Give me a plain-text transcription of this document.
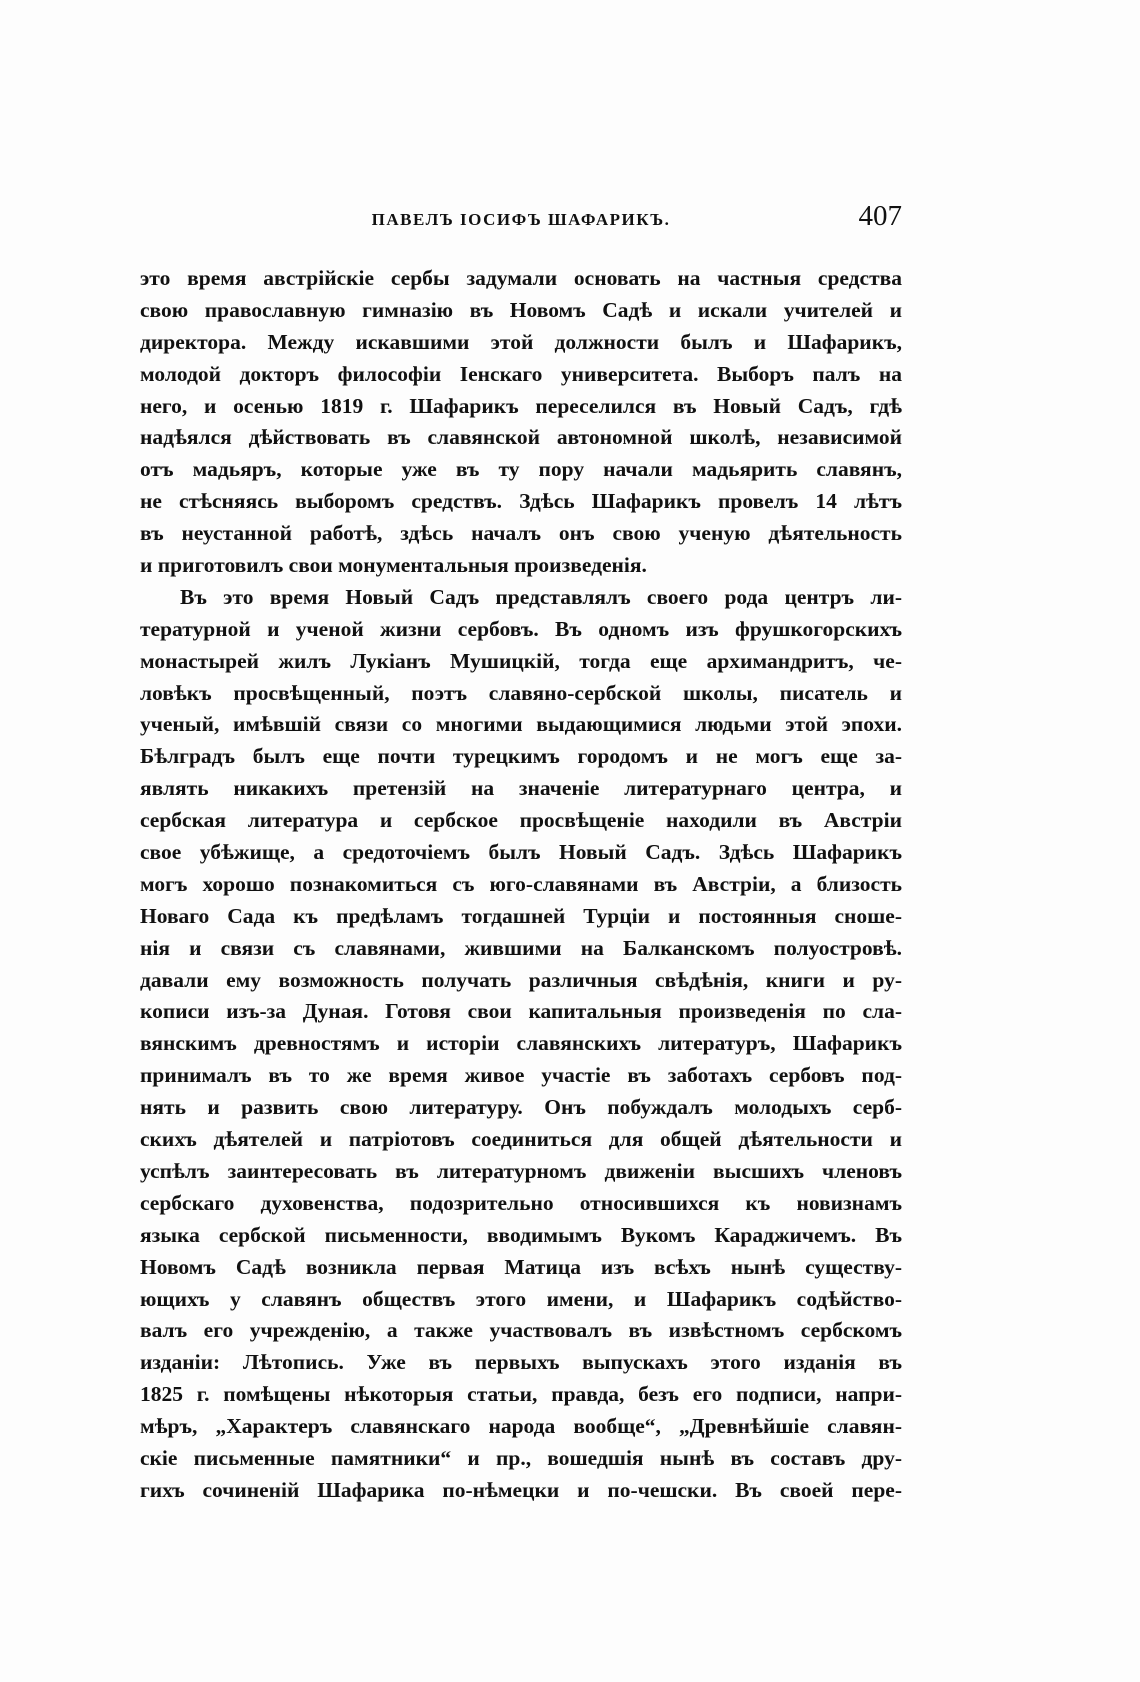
ПАВЕЛЪ ІОСИФЪ ШАФАРИКЪ.	407
это время австрійскіе сербы задумали основать на частныя средства
свою православную гимназію въ Новомъ Садѣ и искали учителей и
директора. Между искавшими этой должности былъ и Шафарикъ,
молодой докторъ философіи Іенскаго университета. Выборъ палъ на
него, и осенью 1819 г. Шафарикъ переселился въ Новый Садъ, гдѣ
надѣялся дѣйствовать въ славянской автономной школѣ, независимой
отъ мадьяръ, которые уже въ ту пору начали мадьярить славянъ,
не стѣсняясь выборомъ средствъ. Здѣсь Шафарикъ провелъ 14 лѣтъ
въ неустанной работѣ, здѣсь началъ онъ свою ученую дѣятельность
и приготовилъ свои монументальныя произведенія.
Въ это время Новый Садъ представлялъ своего рода центръ ли-
тературной и ученой жизни сербовъ. Въ одномъ изъ фрушкогорскихъ
монастырей жилъ Лукіанъ Мушицкій, тогда еще архимандритъ, че-
ловѣкъ просвѣщенный, поэтъ славяно-сербской школы, писатель и
ученый, имѣвшій связи со многими выдающимися людьми этой эпохи.
Бѣлградъ былъ еще почти турецкимъ городомъ и не могъ еще за-
являть никакихъ претензій на значеніе литературнаго центра, и
сербская литература и сербское просвѣщеніе находили въ Австріи
свое убѣжище, а средоточіемъ былъ Новый Садъ. Здѣсь Шафарикъ
могъ хорошо познакомиться съ юго-славянами въ Австріи, а близость
Новаго Сада къ предѣламъ тогдашней Турціи и постоянныя сноше-
нія и связи съ славянами, жившими на Балканскомъ полуостровѣ.
давали ему возможность получать различныя свѣдѣнія, книги и ру-
кописи изъ-за Дуная. Готовя свои капитальныя произведенія по сла-
вянскимъ древностямъ и исторіи славянскихъ литературъ, Шафарикъ
принималъ въ то же время живое участіе въ заботахъ сербовъ под-
нять и развить свою литературу. Онъ побуждалъ молодыхъ серб-
скихъ дѣятелей и патріотовъ соединиться для общей дѣятельности и
успѣлъ заинтересовать въ литературномъ движеніи высшихъ членовъ
сербскаго духовенства, подозрительно относившихся къ новизнамъ
языка сербской письменности, вводимымъ Вукомъ Караджичемъ. Въ
Новомъ Садѣ возникла первая Матица изъ всѣхъ нынѣ существу-
ющихъ у славянъ обществъ этого имени, и Шафарикъ содѣйство-
валъ его учрежденію, а также участвовалъ въ извѣстномъ сербскомъ
изданіи: Лѣтопись. Уже въ первыхъ выпускахъ этого изданія въ
1825 г. помѣщены нѣкоторыя статьи, правда, безъ его подписи, напри-
мѣръ, „Характеръ славянскаго народа вообще“, „Древнѣйшіе славян-
скіе письменные памятники“ и пр., вошедшія нынѣ въ составъ дру-
гихъ сочиненій Шафарика по-нѣмецки и по-чешски. Въ своей пере-
